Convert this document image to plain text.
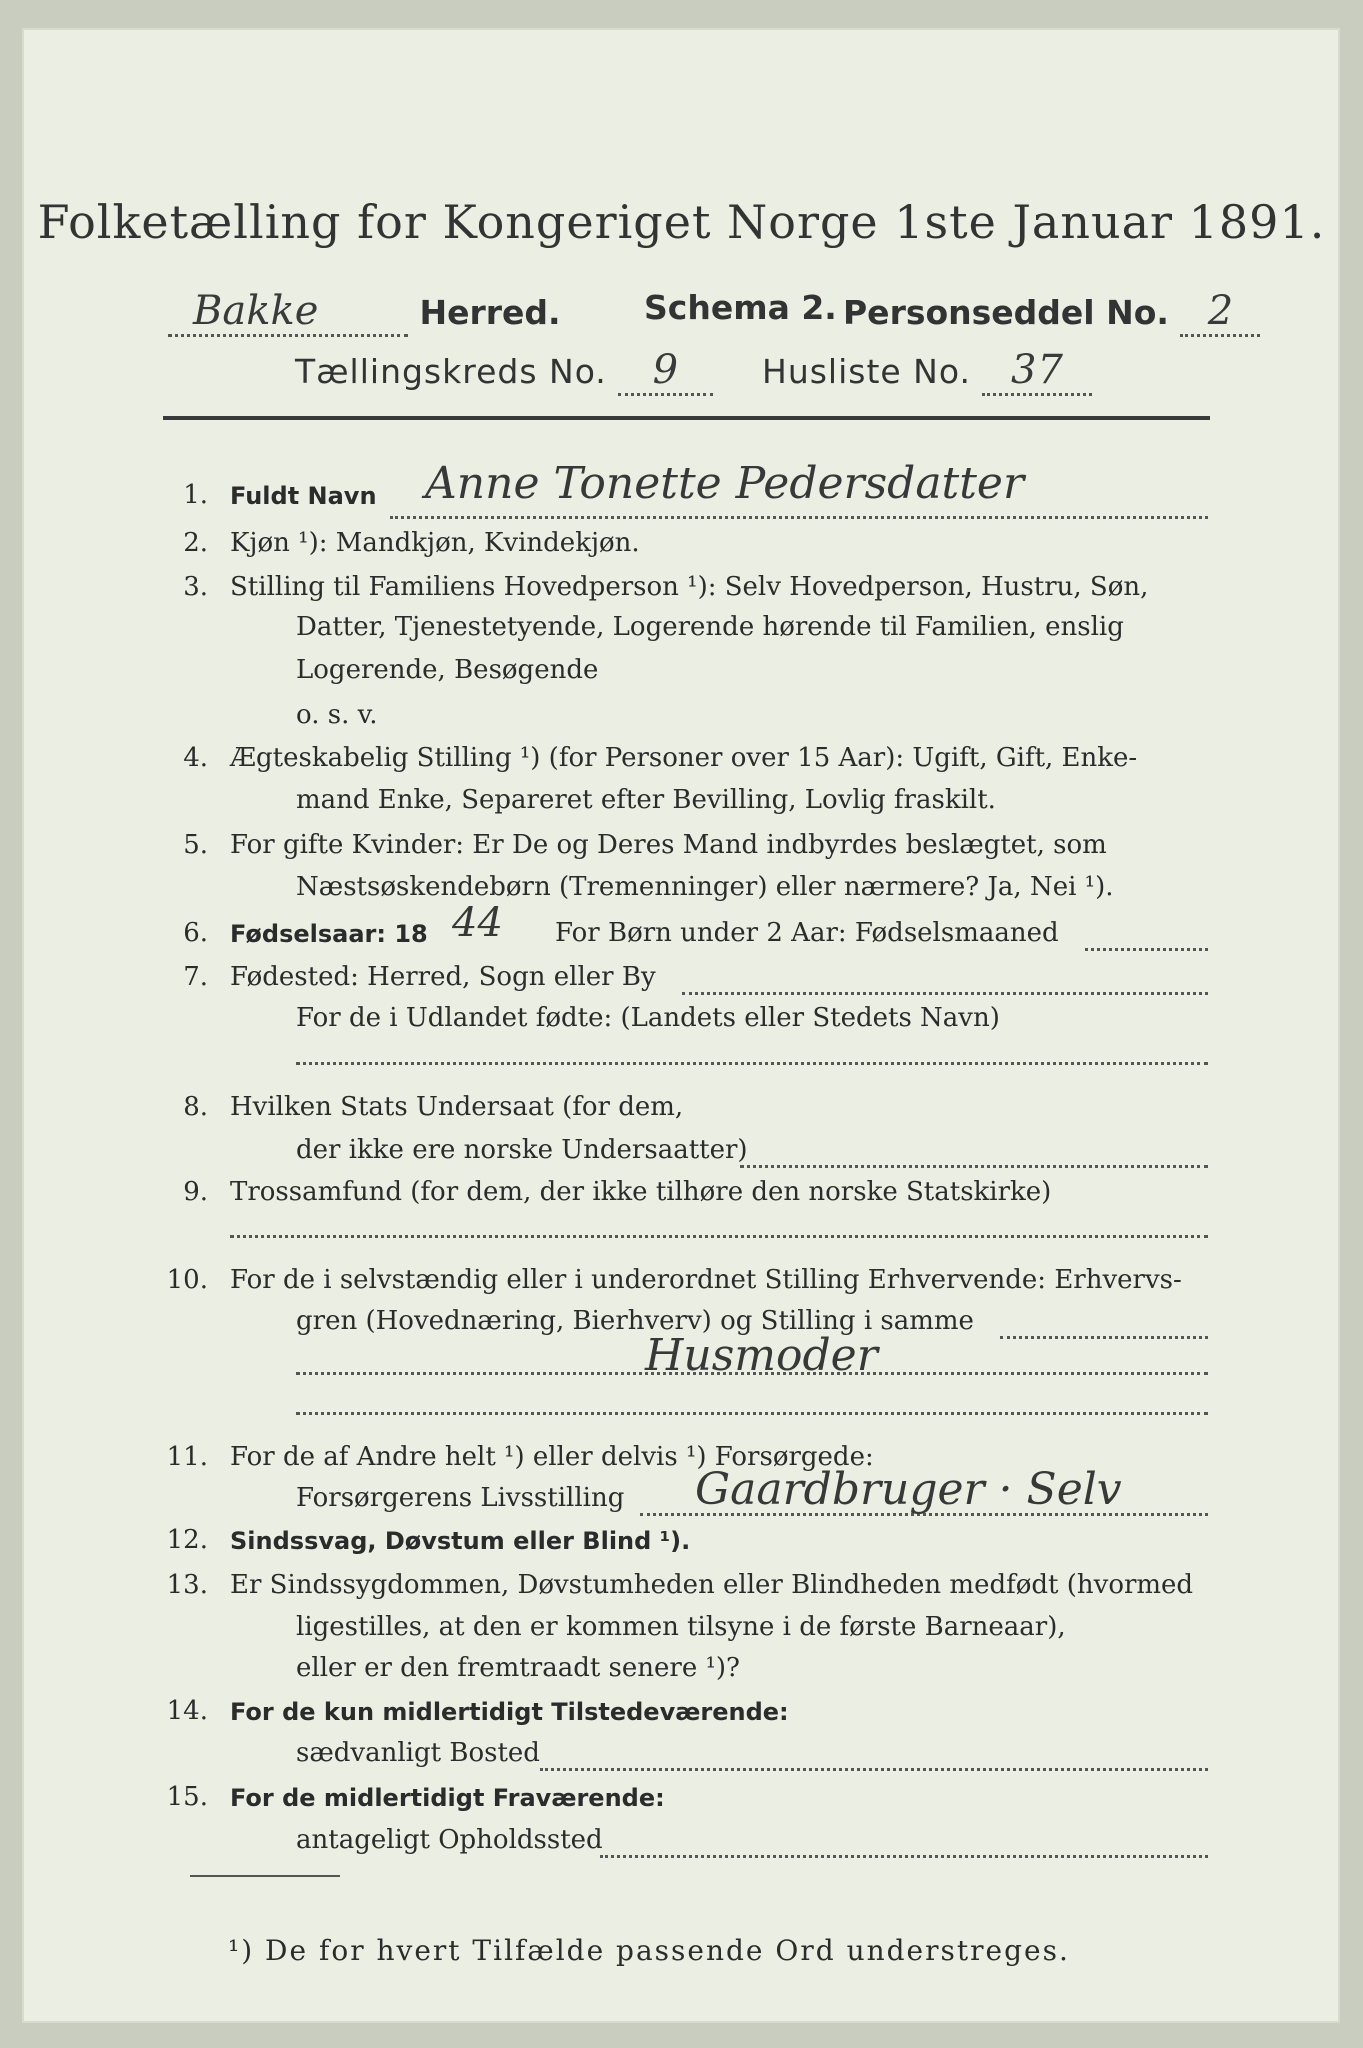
Folketælling for Kongeriget Norge 1ste Januar 1891.
Bakke	Herred.	Schema 2. Personseddel No. 2
Tællingskreds No. 9	Husliste No. 37
1. Fuldt Navn Anne Tonette Pedersdatter
2. Kjøn ¹): Mandkjøn, Kvindekjøn.
3. Stilling til Familiens Hovedperson ¹): Selv Hovedperson, Hustru, Søn,
Datter, Tjenestetyende, Logerende hørende til Familien, enslig
Logerende, Besøgende
o. s. v.
4. Ægteskabelig Stilling ¹) (for Personer over 15 Aar): Ugift, Gift, Enke-
mand Enke, Separeret efter Bevilling, Lovlig fraskilt.
5. For gifte Kvinder: Er De og Deres Mand indbyrdes beslægtet, som
Næstsøskendebørn (Tremenninger) eller nærmere? Ja, Nei ¹).
6. Fødselsaar: 18 44 For Børn under 2 Aar: Fødselsmaaned
7. Fødested: Herred, Sogn eller By
For de i Udlandet fødte: (Landets eller Stedets Navn)
8. Hvilken Stats Undersaat (for dem,
der ikke ere norske Undersaatter)
9. Trossamfund (for dem, der ikke tilhøre den norske Statskirke)
10. For de i selvstændig eller i underordnet Stilling Erhvervende: Erhvervs-
gren (Hovednæring, Bierhverv) og Stilling i samme
Husmoder
11. For de af Andre helt ¹) eller delvis ¹) Forsørgede:
Forsørgerens Livsstilling Gaardbruger · Selv
12. Sindssvag, Døvstum eller Blind ¹).
13. Er Sindssygdommen, Døvstumheden eller Blindheden medfødt (hvormed
ligestilles, at den er kommen tilsyne i de første Barneaar),
eller er den fremtraadt senere ¹)?
14. For de kun midlertidigt Tilstedeværende:
sædvanligt Bosted
15. For de midlertidigt Fraværende:
antageligt Opholdssted
¹) De for hvert Tilfælde passende Ord understreges.
